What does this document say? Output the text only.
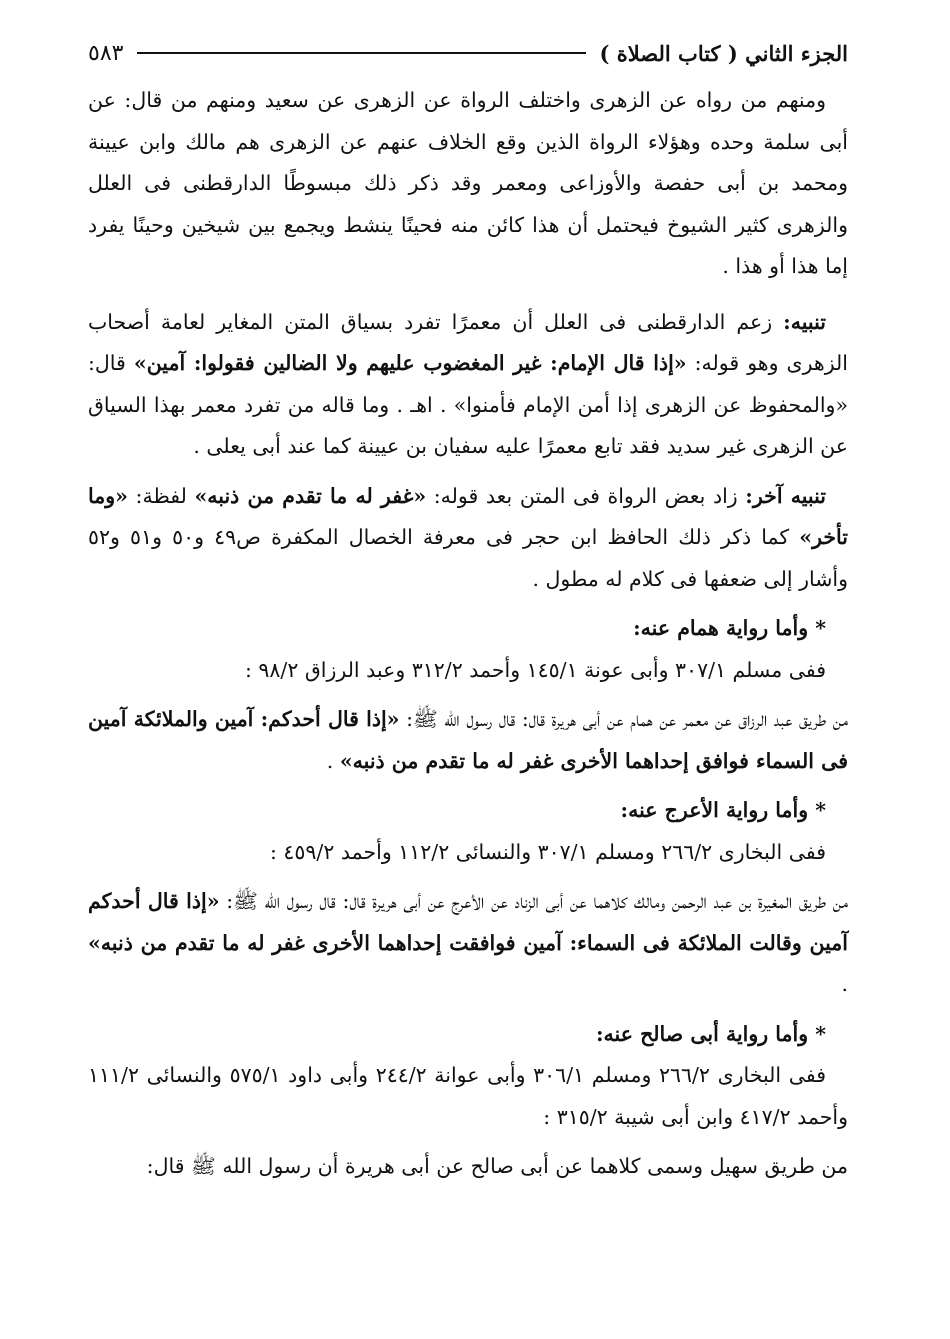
الجزء الثاني ( كتاب الصلاة )
٥٨٣

ومنهم من رواه عن الزهرى واختلف الرواة عن الزهرى عن سعيد ومنهم من قال: عن أبى سلمة وحده وهؤلاء الرواة الذين وقع الخلاف عنهم عن الزهرى هم مالك وابن عيينة ومحمد بن أبى حفصة والأوزاعى ومعمر وقد ذكر ذلك مبسوطًا الدارقطنى فى العلل والزهرى كثير الشيوخ فيحتمل أن هذا كائن منه فحينًا ينشط ويجمع بين شيخين وحينًا يفرد إما هذا أو هذا .

تنبيه: زعم الدارقطنى فى العلل أن معمرًا تفرد بسياق المتن المغاير لعامة أصحاب الزهرى وهو قوله: «إذا قال الإمام: غير المغضوب عليهم ولا الضالين فقولوا: آمين» قال: «والمحفوظ عن الزهرى إذا أمن الإمام فأمنوا» . اهـ . وما قاله من تفرد معمر بهذا السياق عن الزهرى غير سديد فقد تابع معمرًا عليه سفيان بن عيينة كما عند أبى يعلى .

تنبيه آخر: زاد بعض الرواة فى المتن بعد قوله: «غفر له ما تقدم من ذنبه» لفظة: «وما تأخر» كما ذكر ذلك الحافظ ابن حجر فى معرفة الخصال المكفرة ص٤٩ و٥٠ و٥١ و٥٢ وأشار إلى ضعفها فى كلام له مطول .

* وأما رواية همام عنه:

ففى مسلم ٣٠٧/١ وأبى عونة ١٤٥/١ وأحمد ٣١٢/٢ وعبد الرزاق ٩٨/٢ :

من طريق عبد الرزاق عن معمر عن همام عن أبى هريرة قال: قال رسول الله ﷺ: «إذا قال أحدكم: آمين والملائكة آمين فى السماء فوافق إحداهما الأخرى غفر له ما تقدم من ذنبه» .

* وأما رواية الأعرج عنه:

ففى البخارى ٢٦٦/٢ ومسلم ٣٠٧/١ والنسائى ١١٢/٢ وأحمد ٤٥٩/٢ :

من طريق المغيرة بن عبد الرحمن ومالك كلاهما عن أبى الزناد عن الأعرج عن أبى هريرة قال: قال رسول الله ﷺ: «إذا قال أحدكم آمين وقالت الملائكة فى السماء: آمين فوافقت إحداهما الأخرى غفر له ما تقدم من ذنبه» .

* وأما رواية أبى صالح عنه:

ففى البخارى ٢٦٦/٢ ومسلم ٣٠٦/١ وأبى عوانة ٢٤٤/٢ وأبى داود ٥٧٥/١ والنسائى ١١١/٢ وأحمد ٤١٧/٢ وابن أبى شيبة ٣١٥/٢ :

من طريق سهيل وسمى كلاهما عن أبى صالح عن أبى هريرة أن رسول الله ﷺ قال:
